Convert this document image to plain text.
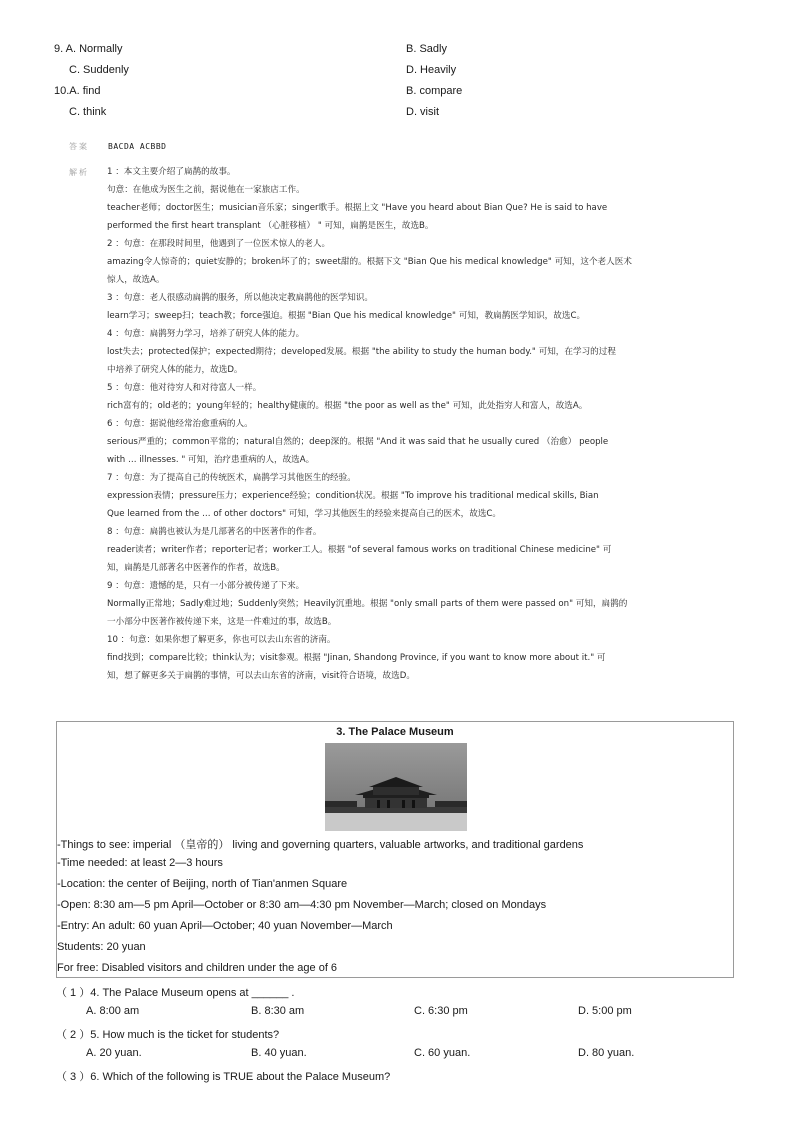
9. A. Normally	B. Sadly
C. Suddenly	D. Heavily
10.A. find	B. compare
C. think	D. visit
答案 BACDA ACBBD
解析 1 ：本文主要介绍了扁鹊的故事。
句意：在他成为医生之前，据说他在一家旅店工作。
teacher老师；doctor医生；musician音乐家；singer歌手。根据上文 "Have you heard about Bian Que? He is said to have
performed the first heart transplant （心脏移植） " 可知，扁鹊是医生，故选B。
2 ：句意：在那段时间里，他遇到了一位医术惊人的老人。
amazing令人惊奇的；quiet安静的；broken坏了的；sweet甜的。根据下文 "Bian Que his medical knowledge" 可知，这个老人医术
惊人，故选A。
3 ：句意：老人很感动扁鹊的服务，所以他决定教扁鹊他的医学知识。
learn学习；sweep扫；teach教；force强迫。根据 "Bian Que his medical knowledge" 可知，教扁鹊医学知识，故选C。
4 ：句意：扁鹊努力学习，培养了研究人体的能力。
lost失去；protected保护；expected期待；developed发展。根据 "the ability to study the human body." 可知，在学习的过程
中培养了研究人体的能力，故选D。
5 ：句意：他对待穷人和对待富人一样。
rich富有的；old老的；young年轻的；healthy健康的。根据 "the poor as well as the" 可知，此处指穷人和富人，故选A。
6 ：句意：据说他经常治愈重病的人。
serious严重的；common平常的；natural自然的；deep深的。根据 "And it was said that he usually cured （治愈） people
with … illnesses. " 可知，治疗患重病的人，故选A。
7 ：句意：为了提高自己的传统医术，扁鹊学习其他医生的经验。
expression表情；pressure压力；experience经验；condition状况。根据 "To improve his traditional medical skills, Bian
Que learned from the … of other doctors" 可知，学习其他医生的经验来提高自己的医术，故选C。
8 ：句意：扁鹊也被认为是几部著名的中医著作的作者。
reader读者；writer作者；reporter记者；worker工人。根据 "of several famous works on traditional Chinese medicine" 可
知，扁鹊是几部著名中医著作的作者，故选B。
9 ：句意：遗憾的是，只有一小部分被传递了下来。
Normally正常地；Sadly难过地；Suddenly突然；Heavily沉重地。根据 "only small parts of them were passed on" 可知，扁鹊的
一小部分中医著作被传递下来，这是一件难过的事，故选B。
10 ：句意：如果你想了解更多，你也可以去山东省的济南。
find找到；compare比较；think认为；visit参观。根据 "Jinan, Shandong Province, if you want to know more about it." 可
知，想了解更多关于扁鹊的事情，可以去山东省的济南，visit符合语境，故选D。
3. The Palace Museum
-Things to see: imperial （皇帝的） living and governing quarters, valuable artworks, and traditional gardens
-Time needed: at least 2—3 hours
-Location: the center of Beijing, north of Tian'anmen Square
-Open: 8:30 am—5 pm April—October or 8:30 am—4:30 pm November—March; closed on Mondays
-Entry: An adult: 60 yuan April—October; 40 yuan November—March
Students: 20 yuan
For free: Disabled visitors and children under the age of 6
（ 1 ）4. The Palace Museum opens at ______ .
A. 8:00 am	B. 8:30 am	C. 6:30 pm	D. 5:00 pm
（ 2 ）5. How much is the ticket for students?
A. 20 yuan.	B. 40 yuan.	C. 60 yuan.	D. 80 yuan.
（ 3 ）6. Which of the following is TRUE about the Palace Museum?
